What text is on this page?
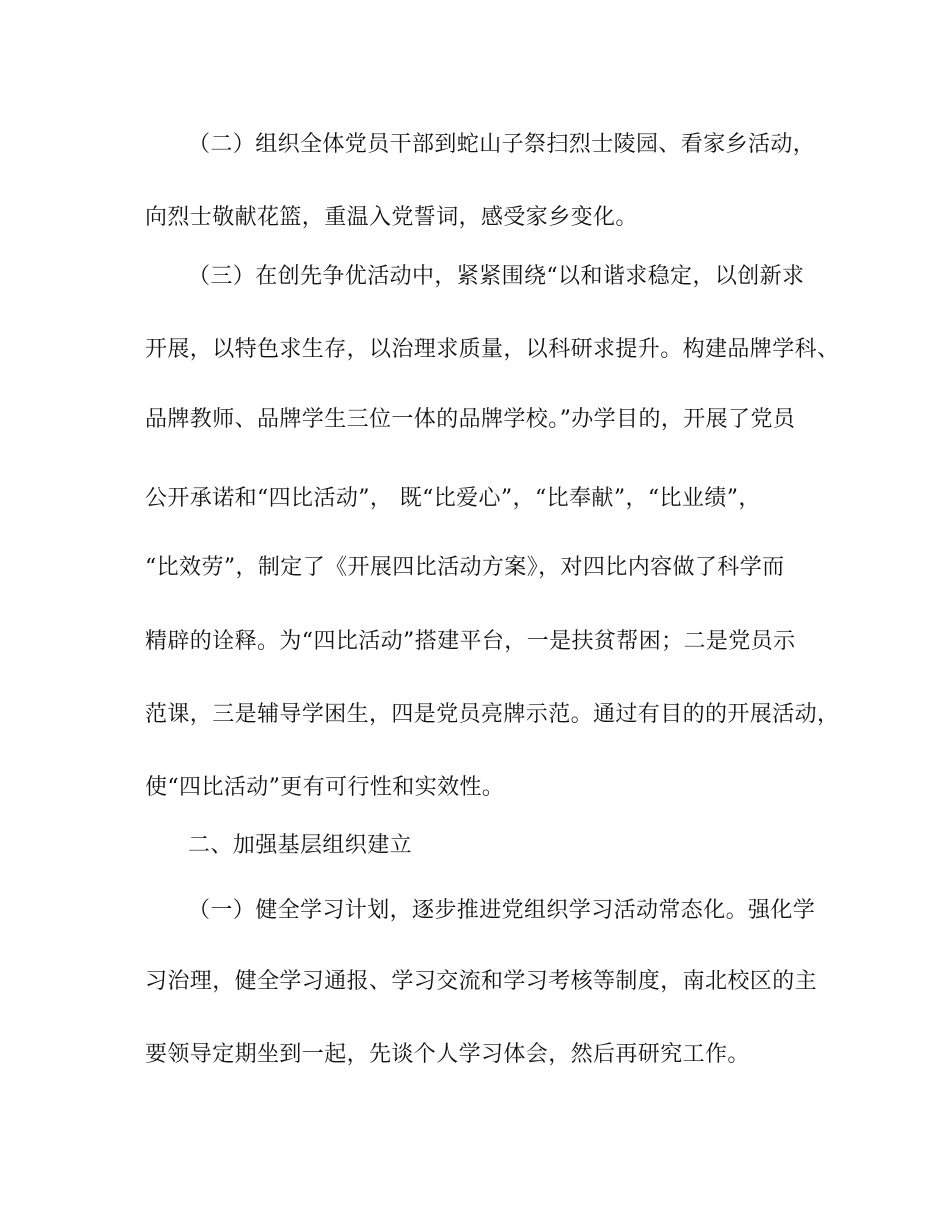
（二）组织全体党员干部到蛇山子祭扫烈士陵园、看家乡活动，
向烈士敬献花篮，重温入党誓词，感受家乡变化。
（三）在创先争优活动中，紧紧围绕“以和谐求稳定，以创新求
开展，以特色求生存，以治理求质量，以科研求提升。构建品牌学科、
品牌教师、品牌学生三位一体的品牌学校。”办学目的，开展了党员
公开承诺和“四比活动”， 既“比爱心”，“比奉献”，“比业绩”，
“比效劳”，制定了《开展四比活动方案》，对四比内容做了科学而
精辟的诠释。为“四比活动”搭建平台，一是扶贫帮困；二是党员示
范课，三是辅导学困生，四是党员亮牌示范。通过有目的的开展活动，
使“四比活动”更有可行性和实效性。
二、加强基层组织建立
（一）健全学习计划，逐步推进党组织学习活动常态化。强化学
习治理，健全学习通报、学习交流和学习考核等制度，南北校区的主
要领导定期坐到一起，先谈个人学习体会，然后再研究工作。
